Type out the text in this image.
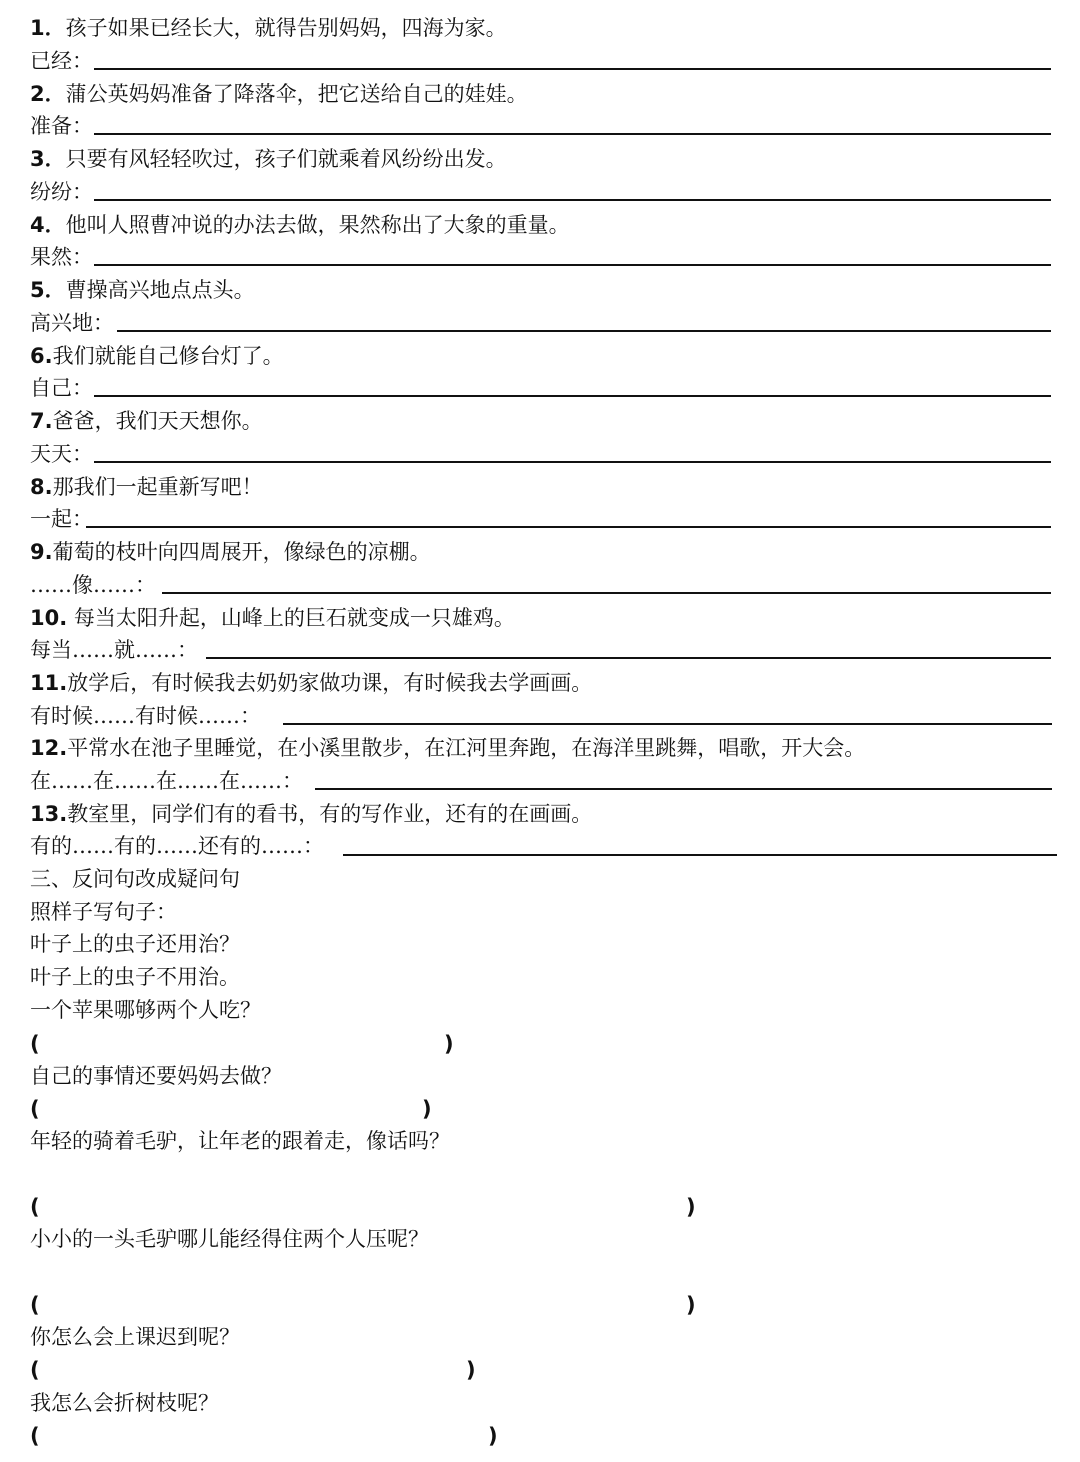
1．孩子如果已经长大，就得告别妈妈，四海为家。
已经：
2．蒲公英妈妈准备了降落伞，把它送给自己的娃娃。
准备：
3．只要有风轻轻吹过，孩子们就乘着风纷纷出发。
纷纷：
4．他叫人照曹冲说的办法去做，果然称出了大象的重量。
果然：
5．曹操高兴地点点头。
高兴地：
6.我们就能自己修台灯了。
自己：
7.爸爸，我们天天想你。
天天：
8.那我们一起重新写吧！
一起：
9.葡萄的枝叶向四周展开，像绿色的凉棚。
……像……：
10. 每当太阳升起，山峰上的巨石就变成一只雄鸡。
每当……就……：
11.放学后，有时候我去奶奶家做功课，有时候我去学画画。
有时候……有时候……：
12.平常水在池子里睡觉，在小溪里散步，在江河里奔跑，在海洋里跳舞，唱歌，开大会。
在……在……在……在……：
13.教室里，同学们有的看书，有的写作业，还有的在画画。
有的……有的……还有的……：
三、反问句改成疑问句
照样子写句子：
叶子上的虫子还用治？
叶子上的虫子不用治。
一个苹果哪够两个人吃？
(	)
自己的事情还要妈妈去做？
(	)
年轻的骑着毛驴，让年老的跟着走，像话吗？
(	)
小小的一头毛驴哪儿能经得住两个人压呢？
(	)
你怎么会上课迟到呢？
(	)
我怎么会折树枝呢？
(	)
